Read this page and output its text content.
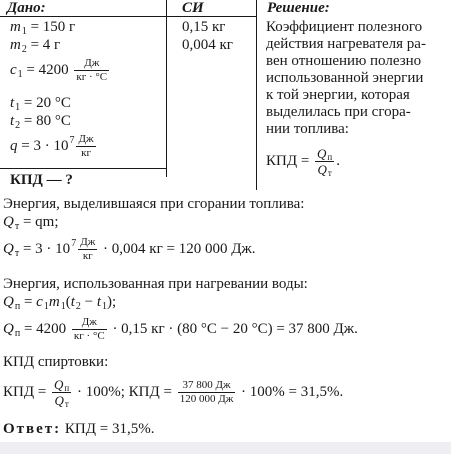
Дано:	СИ	Решение:
$m_1 = 150$ г
$m_2 = 4$ г
$c_1 = 4200 \frac{Дж}{кг \cdot ^\circ С}$
$t_1 = 20$ °С
$t_2 = 80$ °С
$q = 3 \cdot 10^7 \frac{Дж}{кг}$
КПД — ?
0,15 кг
0,004 кг
Коэффициент полезного
действия нагревателя ра-
вен отношению полезно
использованной энергии
к той энергии, которая
выделилась при сгора-
нии топлива:
КПД = $\frac{Qп}{Qт}$ .
Энергия, выделившаяся при сгорании топлива:
$Q_т$ = qm;
$Q_т = 3 \cdot 10^7 \frac{Дж}{кг} \cdot 0,004$ кг = 120 000 Дж.
Энергия, использованная при нагревании воды:
$Q_п = c_1m_1(t_2 - t_1)$;
$Q_п = 4200 \frac{Дж}{кг \cdot ^\circ С} \cdot 0,15$ кг · (80 °С − 20 °С) = 37 800 Дж.
КПД спиртовки:
КПД = $\frac{Qп}{Qт} \cdot 100\%$; КПД = $\frac{37 800 Дж}{120 000 Дж} \cdot 100\% = 31,5\%$.
Ответ: КПД = 31,5%.
